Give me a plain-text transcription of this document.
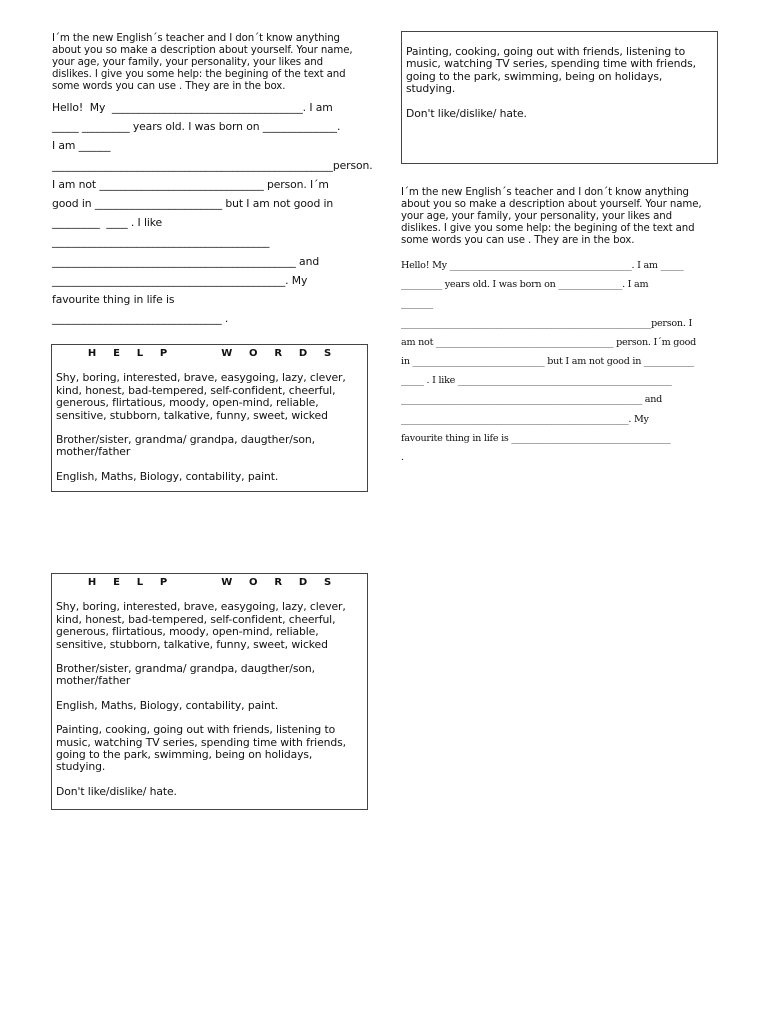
I´m the new English´s teacher and I don´t know anything

about you so make a description about yourself. Your name,

your age, your family, your personality, your likes and

dislikes. I give you some help: the begining of the text and

some words you can use . They are in the box.

Hello!  My  ____________________________________. I am

_____ _________ years old. I was born on ______________.

I am ______

_____________________________________________________person.

I am not _______________________________ person. I´m

good in ________________________ but I am not good in

_________  ____ . I like

_________________________________________

______________________________________________ and

____________________________________________. My

favourite thing in life is

________________________________ .

H     E     L     P                W     O     R     D     S

Shy, boring, interested, brave, easygoing, lazy, clever, kind, honest, bad-tempered, self-confident, cheerful, generous, flirtatious, moody, open-mind, reliable, sensitive, stubborn, talkative, funny, sweet, wicked

Brother/sister, grandma/ grandpa, daugther/son, mother/father

English, Maths, Biology, contability, paint.

H     E     L     P                W     O     R     D     S

Shy, boring, interested, brave, easygoing, lazy, clever, kind, honest, bad-tempered, self-confident, cheerful, generous, flirtatious, moody, open-mind, reliable, sensitive, stubborn, talkative, funny, sweet, wicked

Brother/sister, grandma/ grandpa, daugther/son, mother/father

English, Maths, Biology, contability, paint.

Painting, cooking, going out with friends, listening to music, watching TV series, spending time with friends, going to the park, swimming, being on holidays, studying.

Don't like/dislike/ hate.

Painting, cooking, going out with friends, listening to music, watching TV series, spending time with friends, going to the park, swimming, being on holidays, studying.

Don't like/dislike/ hate.

I´m the new English´s teacher and I don´t know anything

about you so make a description about yourself. Your name,

your age, your family, your personality, your likes and

dislikes. I give you some help: the begining of the text and

some words you can use . They are in the box.

Hello! My ________________________________________. I am _____

_________ years old. I was born on ______________. I am

_______

_______________________________________________________person. I

am not _______________________________________ person. I´m good

in _____________________________ but I am not good in ___________

_____ . I like _______________________________________________

_____________________________________________________ and

__________________________________________________. My

favourite thing in life is ___________________________________

.
